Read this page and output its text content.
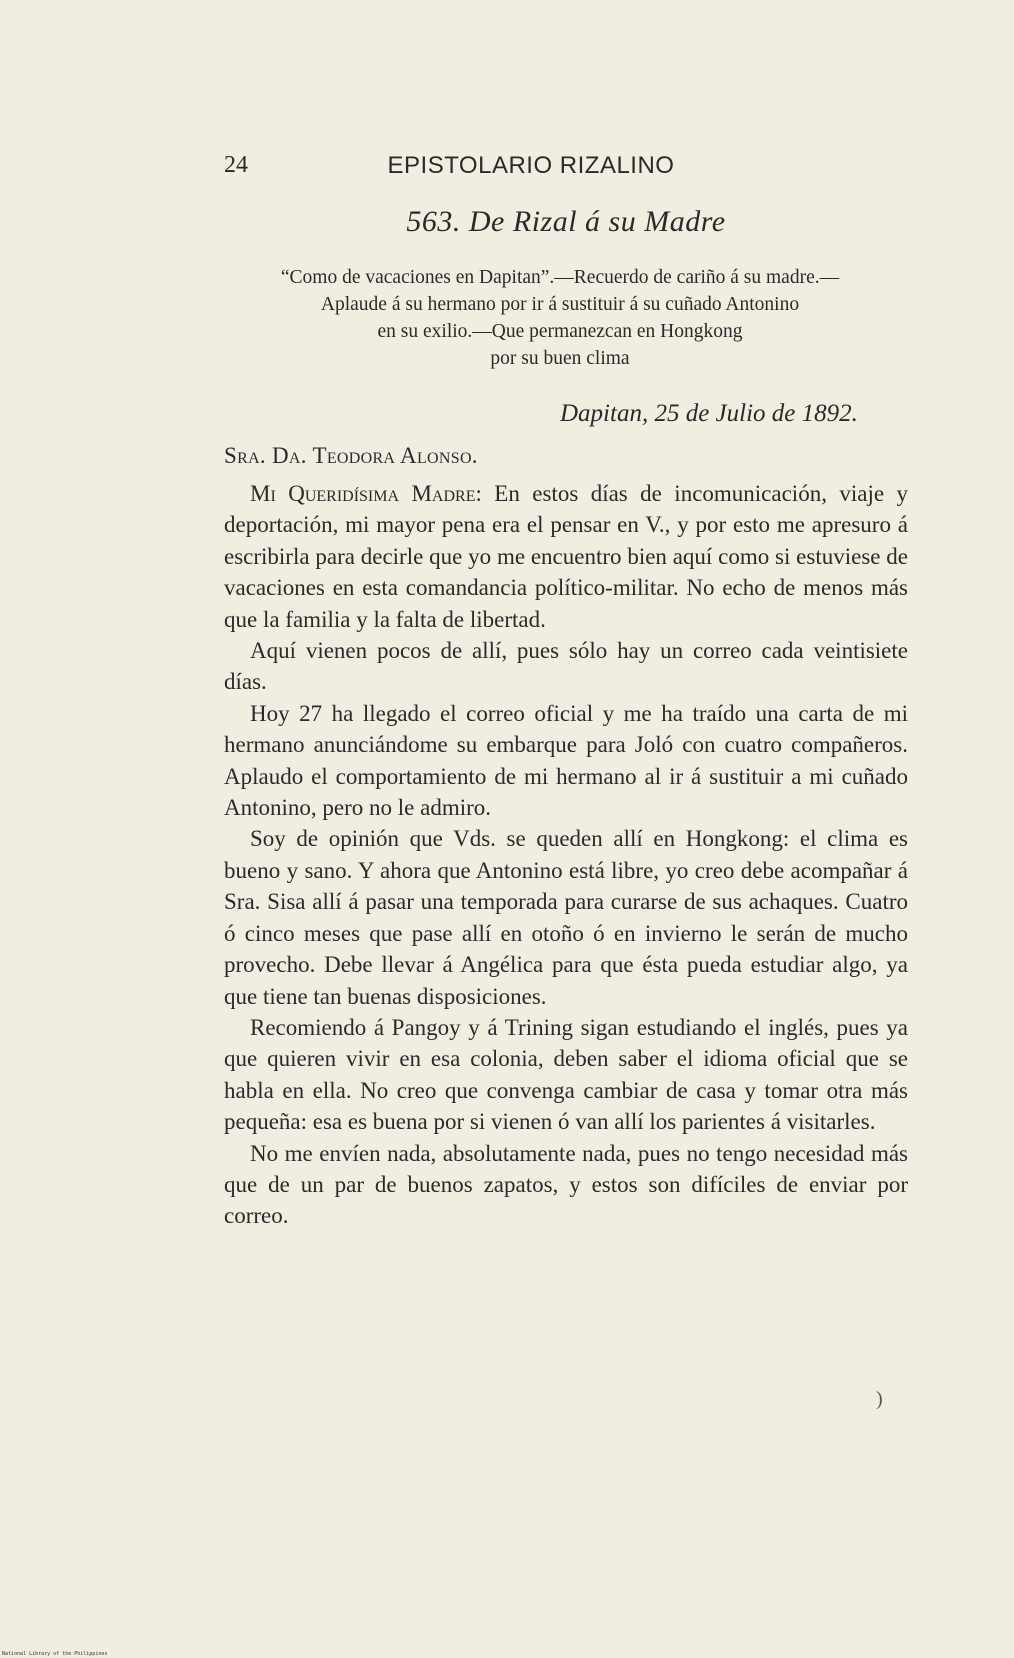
24	EPISTOLARIO RIZALINO
563. De Rizal á su Madre
“Como de vacaciones en Dapitan”.—Recuerdo de cariño á su madre.—
Aplaude á su hermano por ir á sustituir á su cuñado Antonino
en su exilio.—Que permanezcan en Hongkong
por su buen clima
Dapitan, 25 de Julio de 1892.
Sra. Da. Teodora Alonso.

Mi Queridísima Madre: En estos días de incomunicación, viaje y deportación, mi mayor pena era el pensar en V., y por esto me apresuro á escribirla para decirle que yo me encuentro bien aquí como si estuviese de vacaciones en esta comandancia político-militar. No echo de menos más que la familia y la falta de libertad.

Aquí vienen pocos de allí, pues sólo hay un correo cada veintisiete días.

Hoy 27 ha llegado el correo oficial y me ha traído una carta de mi hermano anunciándome su embarque para Joló con cuatro compañeros. Aplaudo el comportamiento de mi hermano al ir á sustituir a mi cuñado Antonino, pero no le admiro.

Soy de opinión que Vds. se queden allí en Hongkong: el clima es bueno y sano. Y ahora que Antonino está libre, yo creo debe acompañar á Sra. Sisa allí á pasar una temporada para curarse de sus achaques. Cuatro ó cinco meses que pase allí en otoño ó en invierno le serán de mucho provecho. Debe llevar á Angélica para que ésta pueda estudiar algo, ya que tiene tan buenas disposiciones.

Recomiendo á Pangoy y á Trining sigan estudiando el inglés, pues ya que quieren vivir en esa colonia, deben saber el idioma oficial que se habla en ella. No creo que convenga cambiar de casa y tomar otra más pequeña: esa es buena por si vienen ó van allí los parientes á visitarles.

No me envíen nada, absolutamente nada, pues no tengo necesidad más que de un par de buenos zapatos, y estos son difíciles de enviar por correo.

)
National Library of the Philippines
